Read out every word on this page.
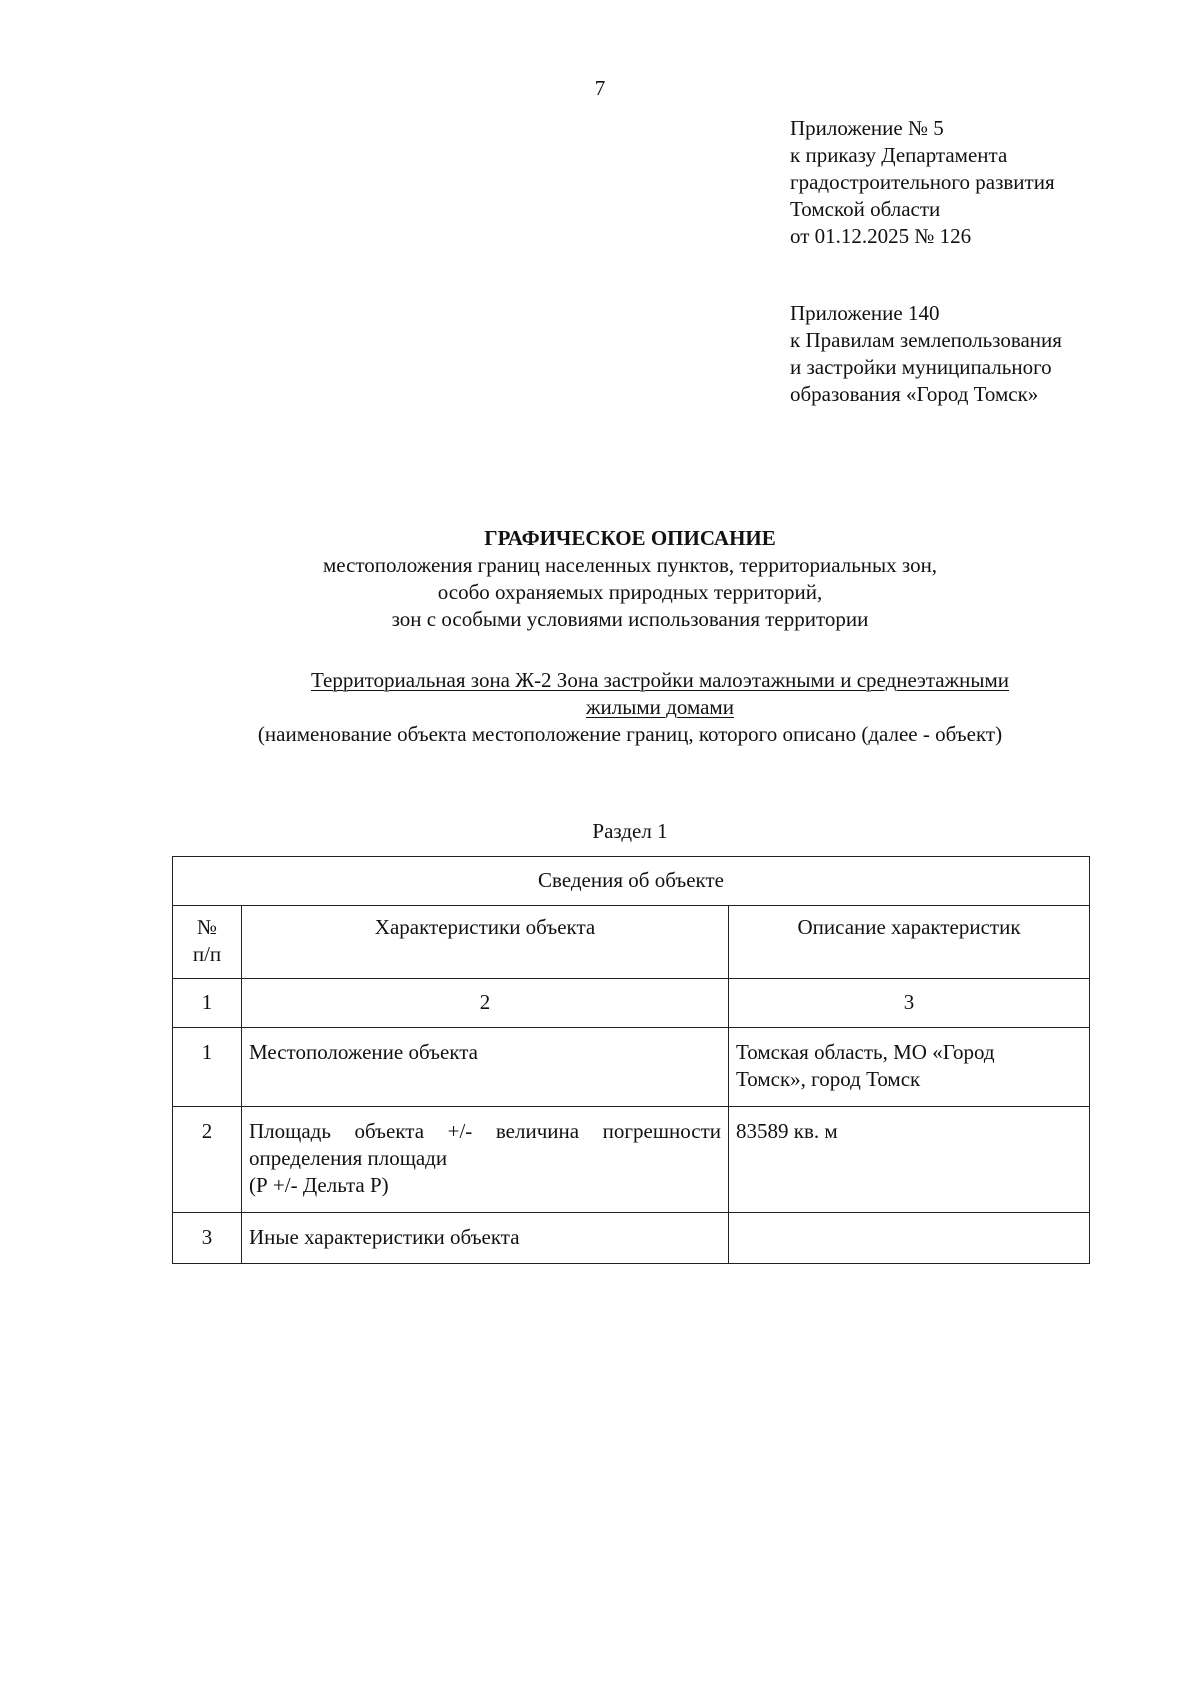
7
Приложение № 5
к приказу Департамента
градостроительного развития
Томской области
от 01.12.2025 № 126
Приложение 140
к Правилам землепользования
и застройки муниципального
образования «Город Томск»
ГРАФИЧЕСКОЕ ОПИСАНИЕ
местоположения границ населенных пунктов, территориальных зон,
особо охраняемых природных территорий,
зон с особыми условиями использования территории
Территориальная зона Ж-2 Зона застройки малоэтажными и среднеэтажными
жилыми домами
(наименование объекта местоположение границ, которого описано (далее - объект)
Раздел 1
Сведения об объекте		

№
п/п	Характеристики объекта	Описание характеристик
1	2	3
1	Местоположение объекта	Томская область, МО «Город
Томск», город Томск

2	Площадь объекта +/- величина погрешности
определения площади
(Р +/- Дельта Р)	83589 кв. м
3	Иные характеристики объекта	
